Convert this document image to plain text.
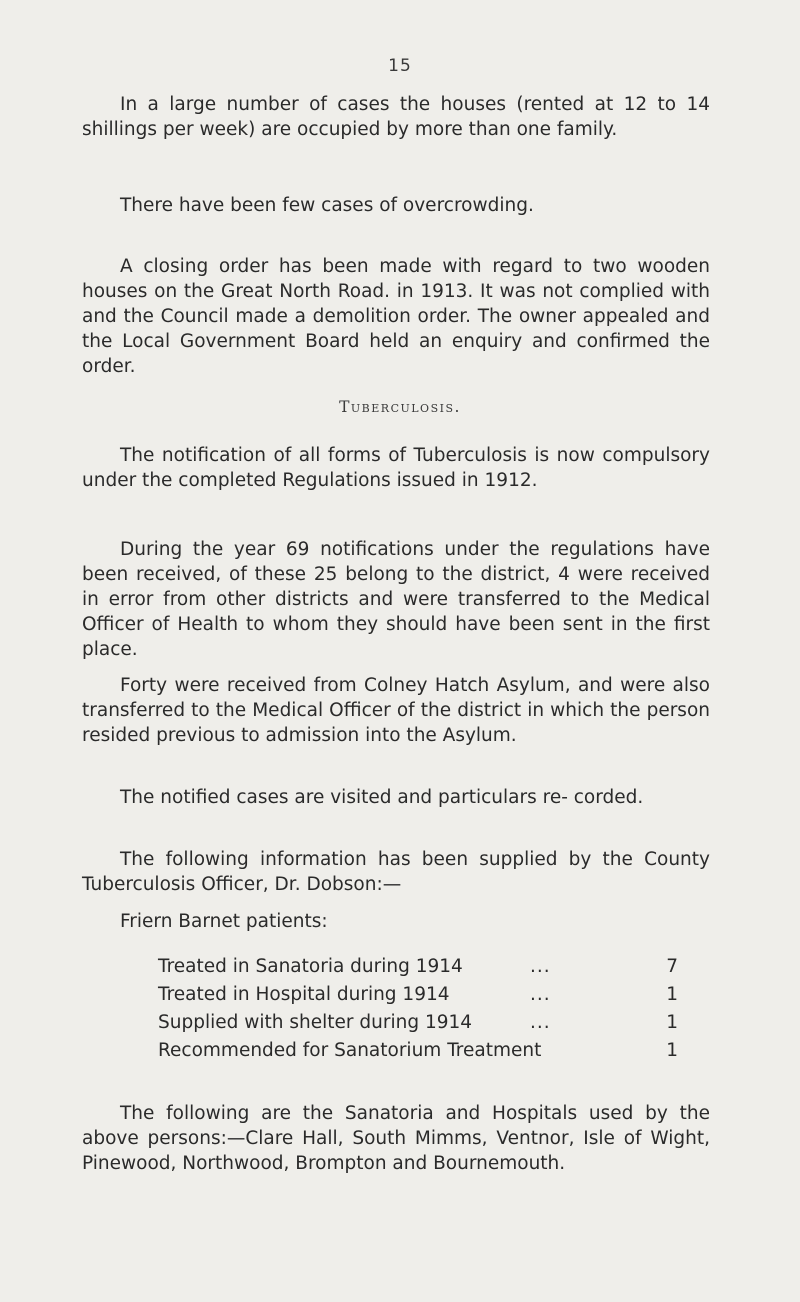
15

In a large number of cases the houses (rented at 12 to 14 shillings per week) are occupied by more than one family.

There have been few cases of overcrowding.

A closing order has been made with regard to two wooden houses on the Great North Road. in 1913. It was not complied with and the Council made a demolition order. The owner appealed and the Local Government Board held an enquiry and confirmed the order.

Tuberculosis.

The notification of all forms of Tuberculosis is now compulsory under the completed Regulations issued in 1912.

During the year 69 notifications under the regulations have been received, of these 25 belong to the district, 4 were received in error from other districts and were transferred to the Medical Officer of Health to whom they should have been sent in the first place.

Forty were received from Colney Hatch Asylum, and were also transferred to the Medical Officer of the district in which the person resided previous to admission into the Asylum.

The notified cases are visited and particulars re- corded.

The following information has been supplied by the County Tuberculosis Officer, Dr. Dobson:—

Friern Barnet patients:
Treated in Sanatoria during 1914	...	7
Treated in Hospital during 1914	...	1
Supplied with shelter during 1914	...	1
Recommended for Sanatorium Treatment	1

The following are the Sanatoria and Hospitals used by the above persons:—Clare Hall, South Mimms, Ventnor, Isle of Wight, Pinewood, Northwood, Brompton and Bournemouth.
